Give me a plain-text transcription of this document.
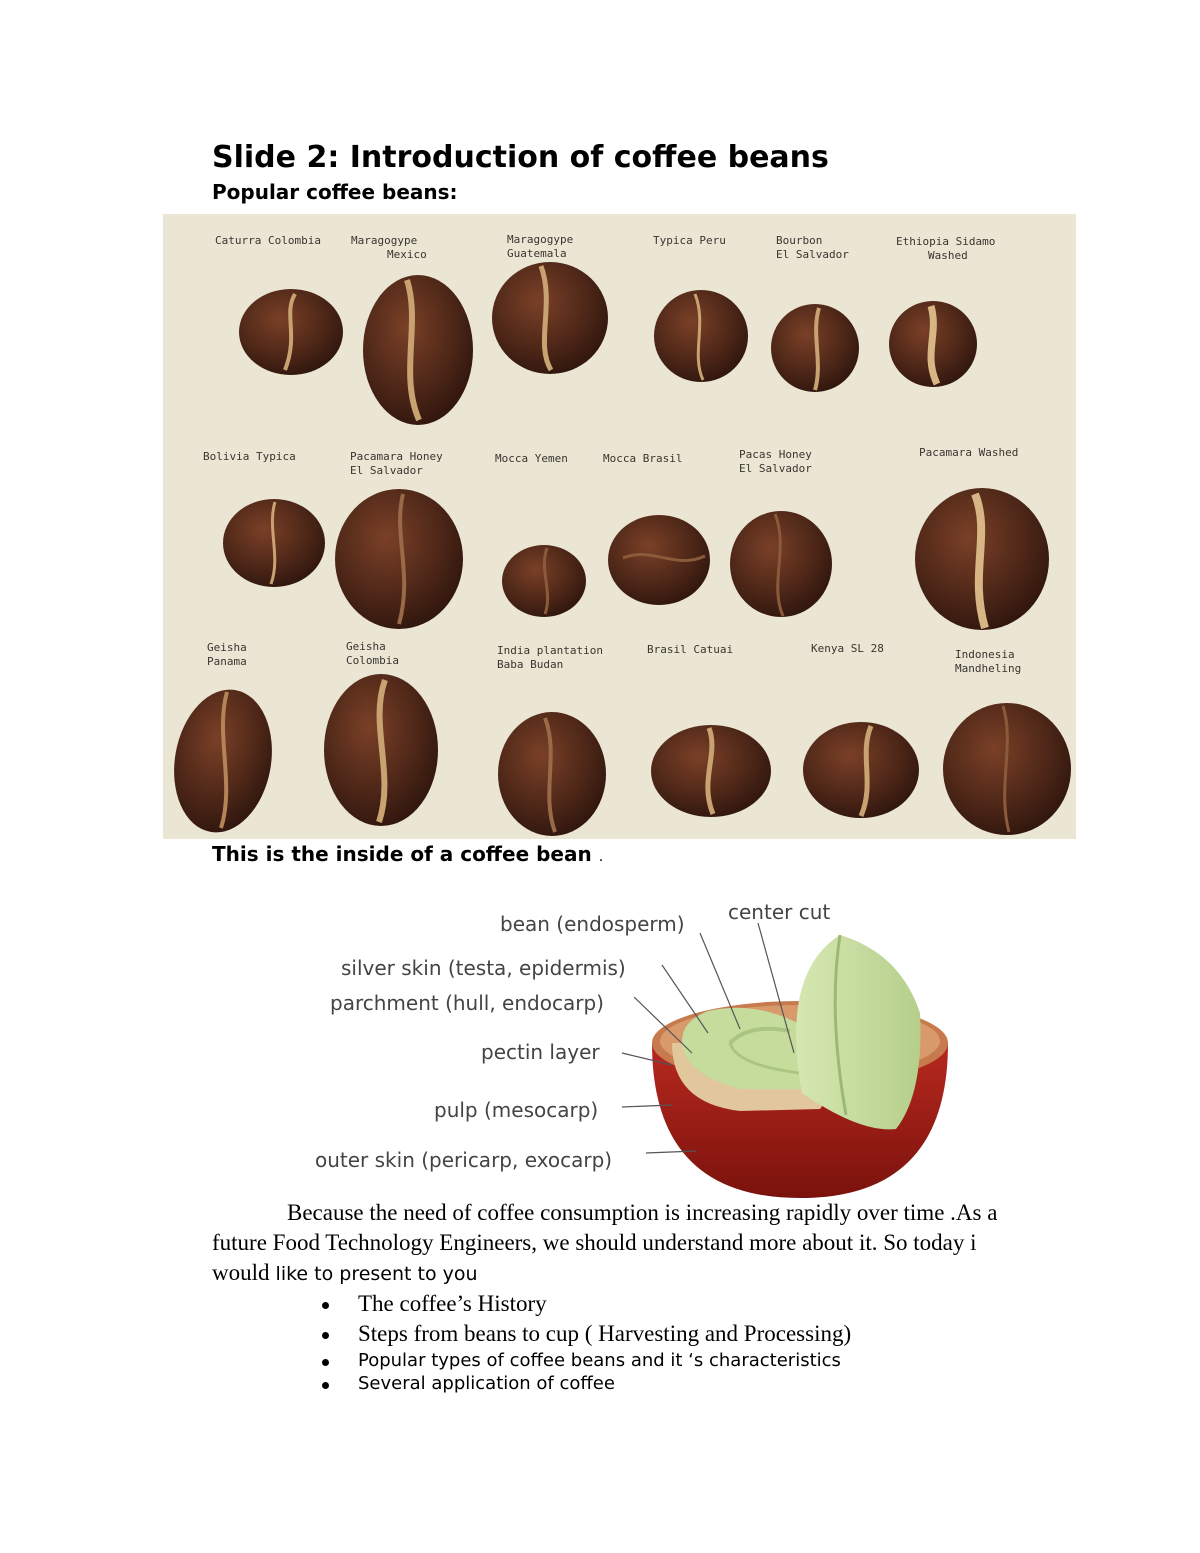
Slide 2: Introduction of coffee beans
Popular coffee beans:
Caturra Colombia	Maragogype
Mexico
Maragogype
Guatemala
Typica Peru	Bourbon
El Salvador
Ethiopia Sidamo
Washed
Bolivia Typica	Pacamara Honey
El Salvador
Mocca Yemen	Mocca Brasil	Pacas Honey
El Salvador
Pacamara Washed
Geisha
Panama
Geisha
Colombia
India plantation
Baba Budan
Brasil Catuai	Kenya SL 28	Indonesia
Mandheling
This is the inside of a coffee bean .
bean (endosperm) center cut
silver skin (testa, epidermis)
parchment (hull, endocarp)
pectin layer
pulp (mesocarp)
outer skin (pericarp, exocarp)
Because the need of coffee consumption is increasing rapidly over time .As a future Food Technology Engineers, we should understand more about it. So today i would like to present to you
The coffee’s History
Steps from beans to cup ( Harvesting and Processing)
Popular types of coffee beans and it ‘s characteristics
Several application of coffee
